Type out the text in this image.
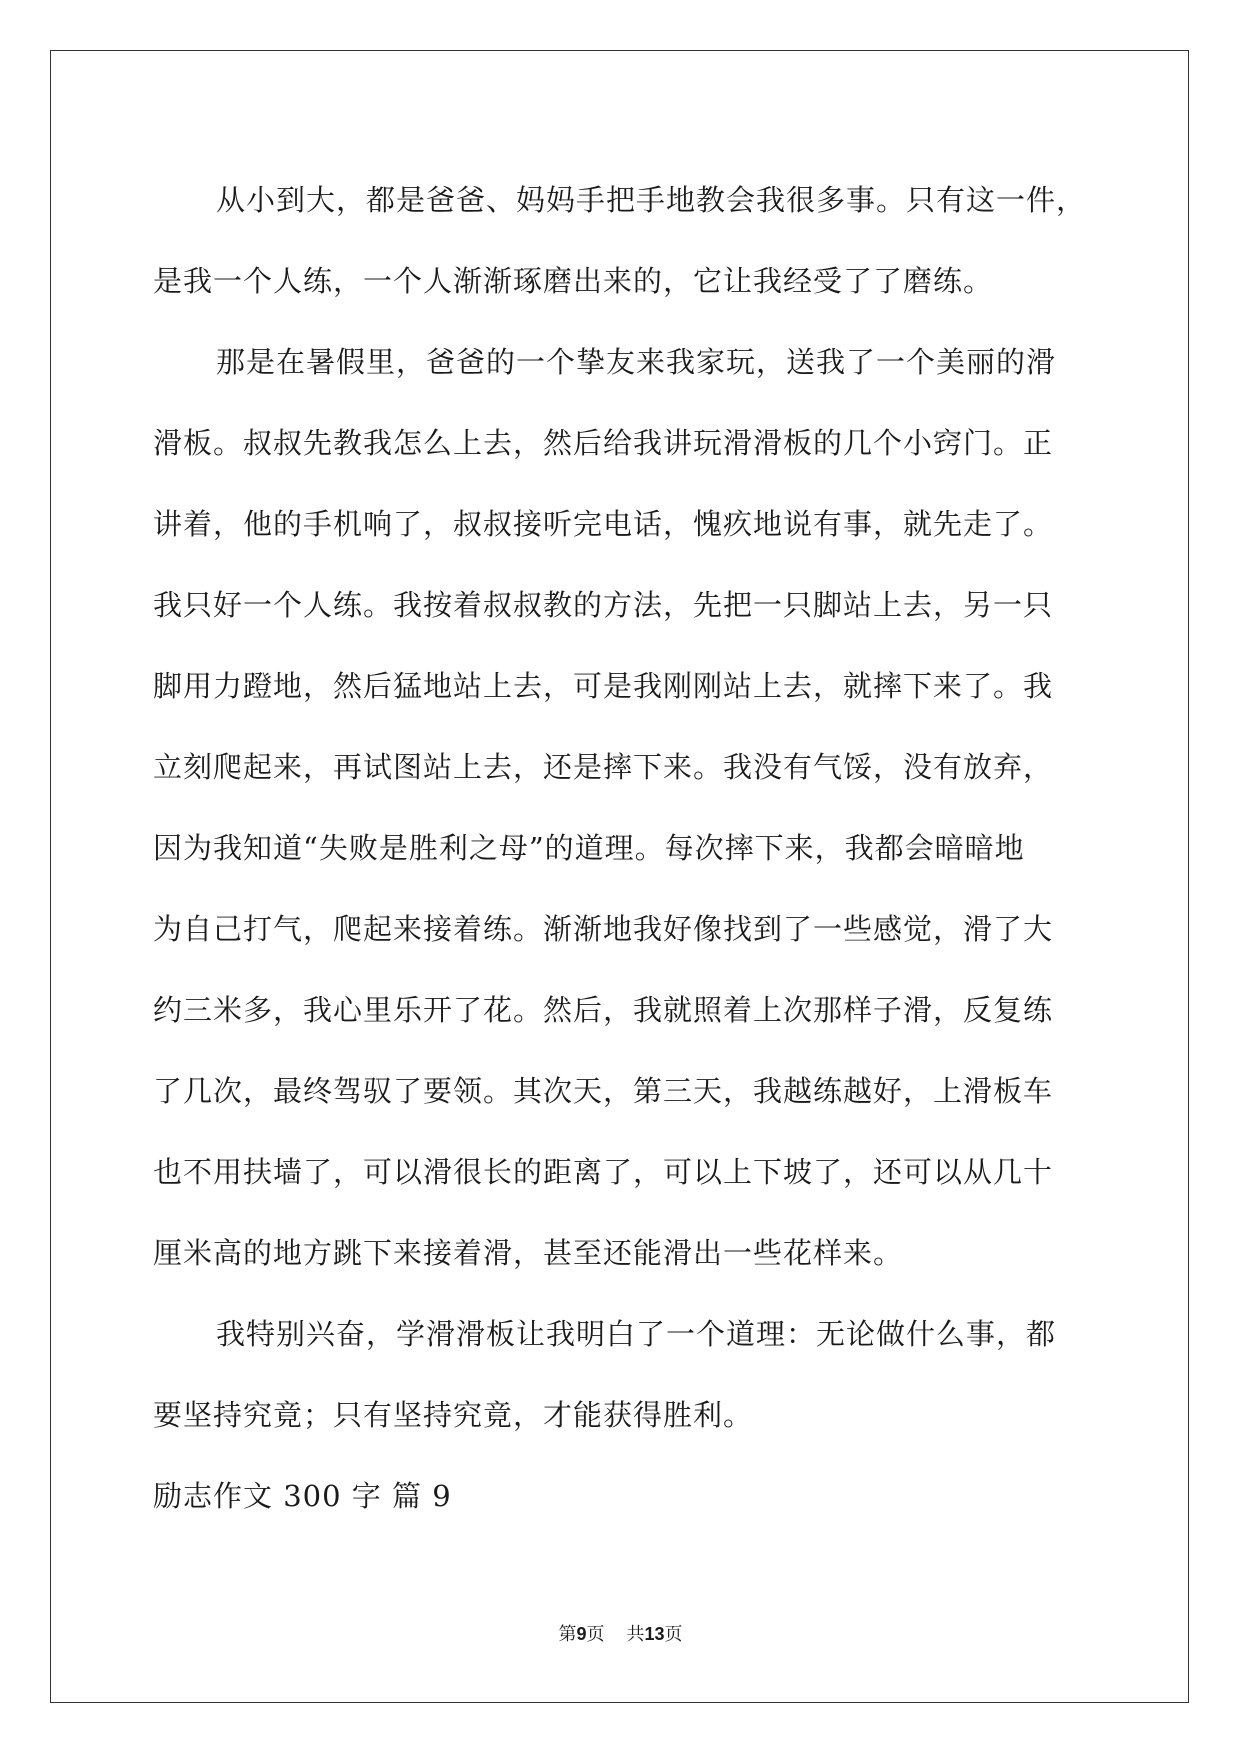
从小到大，都是爸爸、妈妈手把手地教会我很多事。只有这一件，
是我一个人练，一个人渐渐琢磨出来的，它让我经受了了磨练。
那是在暑假里，爸爸的一个挚友来我家玩，送我了一个美丽的滑
滑板。叔叔先教我怎么上去，然后给我讲玩滑滑板的几个小窍门。正
讲着，他的手机响了，叔叔接听完电话，愧疚地说有事，就先走了。
我只好一个人练。我按着叔叔教的方法，先把一只脚站上去，另一只
脚用力蹬地，然后猛地站上去，可是我刚刚站上去，就摔下来了。我
立刻爬起来，再试图站上去，还是摔下来。我没有气馁，没有放弃，
因为我知道“失败是胜利之母”的道理。每次摔下来，我都会暗暗地
为自己打气，爬起来接着练。渐渐地我好像找到了一些感觉，滑了大
约三米多，我心里乐开了花。然后，我就照着上次那样子滑，反复练
了几次，最终驾驭了要领。其次天，第三天，我越练越好，上滑板车
也不用扶墙了，可以滑很长的距离了，可以上下坡了，还可以从几十
厘米高的地方跳下来接着滑，甚至还能滑出一些花样来。
我特别兴奋，学滑滑板让我明白了一个道理：无论做什么事，都
要坚持究竟；只有坚持究竟，才能获得胜利。
励志作文 300 字 篇 9
第9页 共13页
